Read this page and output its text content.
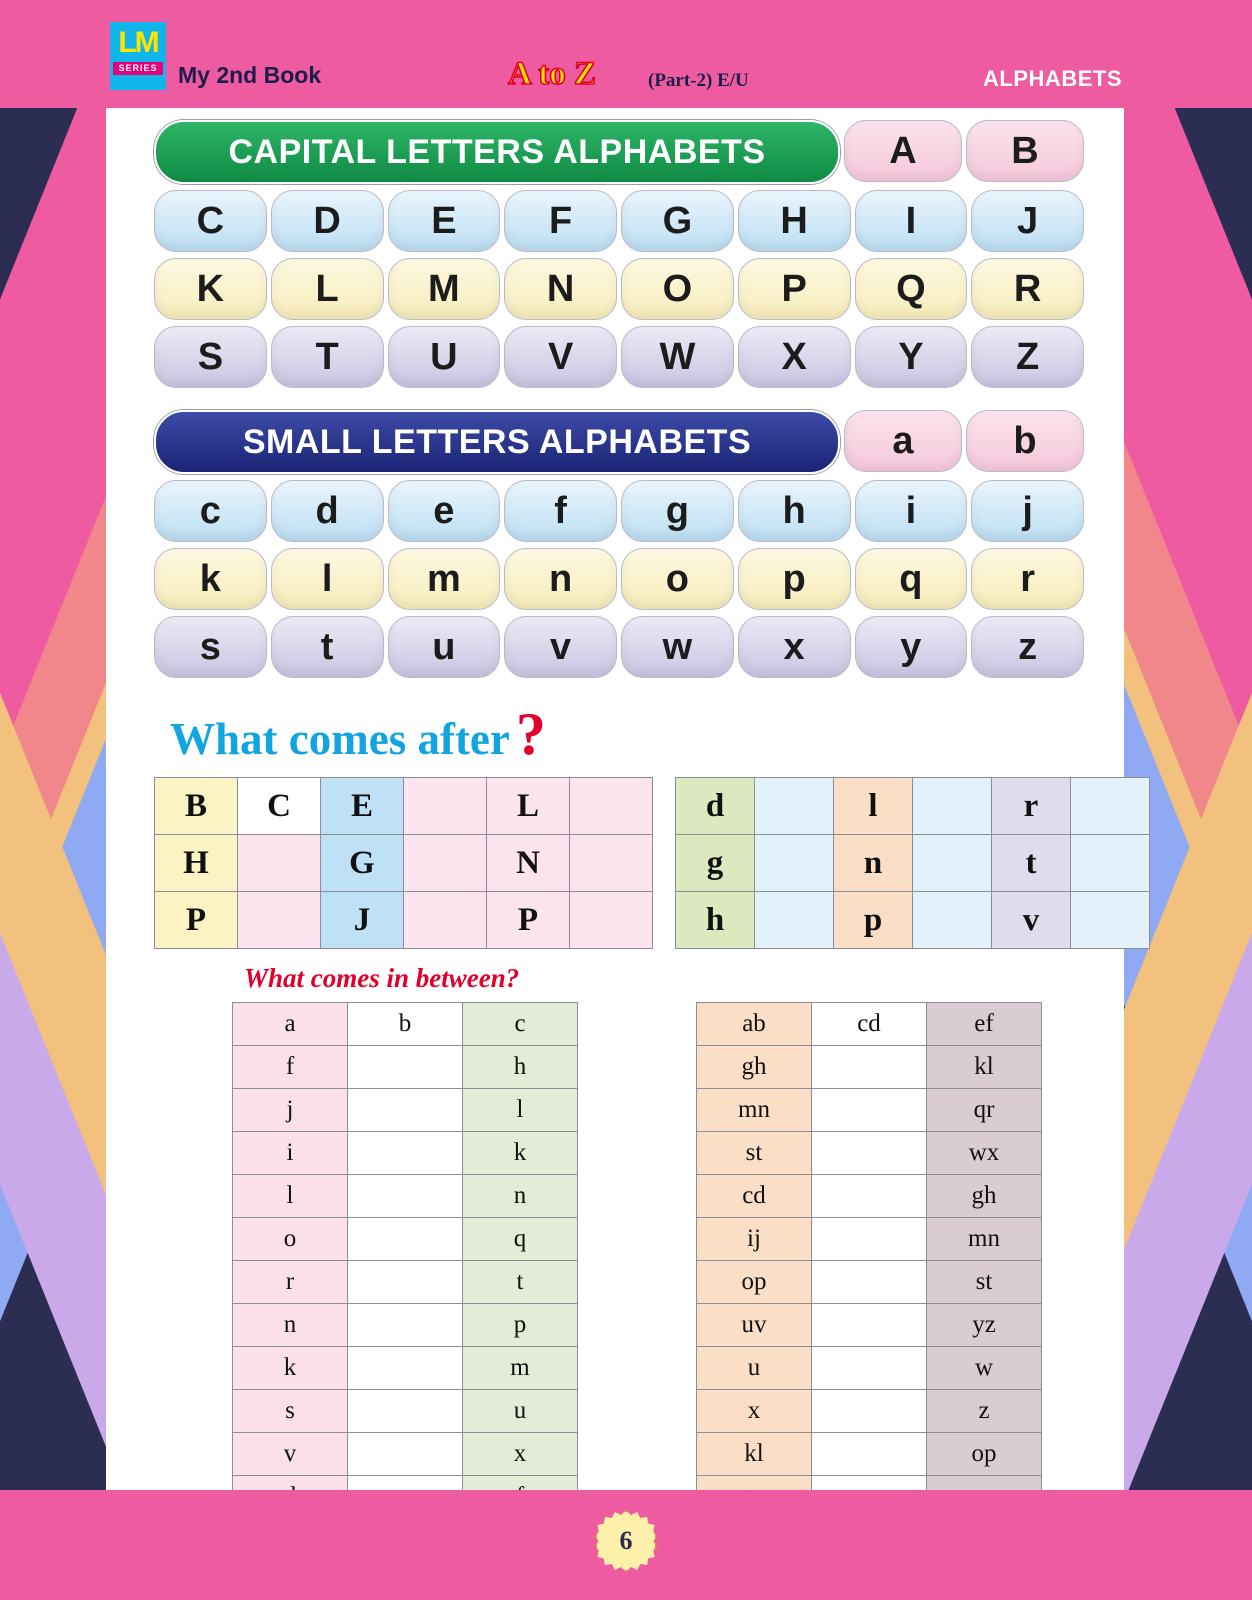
LM
SERIES My 2nd Book	A to Z	(Part-2) E/U	ALPHABETS
CAPITAL LETTERS ALPHABETS	A	B
C	D	E	F	G	H	I	J
K	L	M	N	O	P	Q	R
S	T	U	V	W	X	Y	Z
SMALL LETTERS ALPHABETS	a	b
c	d	e	f	g	h	i	j
k	l	m	n	o	p	q	r
s	t	u	v	w	x	y	z
What comes after ?
B	C	E		L	
H		G		N	
P		J		P	
d		l		r	
g		n		t	
h		p		v	
What comes in between?
a	b	c
f		h
j		l
i		k
l		n
o		q
r		t
n		p
k		m
s		u
v		x

ab	cd	ef
gh		kl
mn		qr
st		wx
cd		gh
ij		mn
op		st
uv		yz
u		w
x		z
kl		op

6
